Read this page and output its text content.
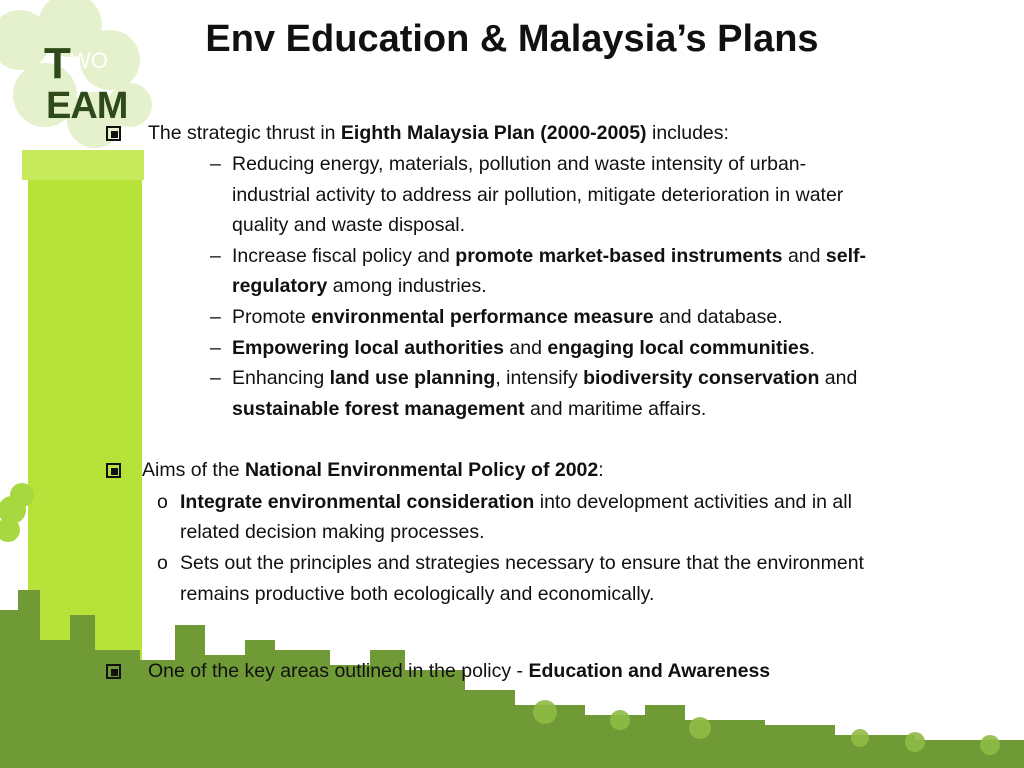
T WO
EAM
Env Education & Malaysia’s Plans
The strategic thrust in Eighth Malaysia Plan (2000-2005) includes:
– Reducing energy, materials, pollution and waste intensity of urban-
industrial activity to address air pollution, mitigate deterioration in water
quality and waste disposal.
– Increase fiscal policy and promote market-based instruments and self-
regulatory among industries.
– Promote environmental performance measure and database.
– Empowering local authorities and engaging local communities.
– Enhancing land use planning, intensify biodiversity conservation and
sustainable forest management and maritime affairs.
Aims of the National Environmental Policy of 2002:
o Integrate environmental consideration into development activities and in all
related decision making processes.
o Sets out the principles and strategies necessary to ensure that the environment
remains productive both ecologically and economically.
One of the key areas outlined in the policy - Education and Awareness
